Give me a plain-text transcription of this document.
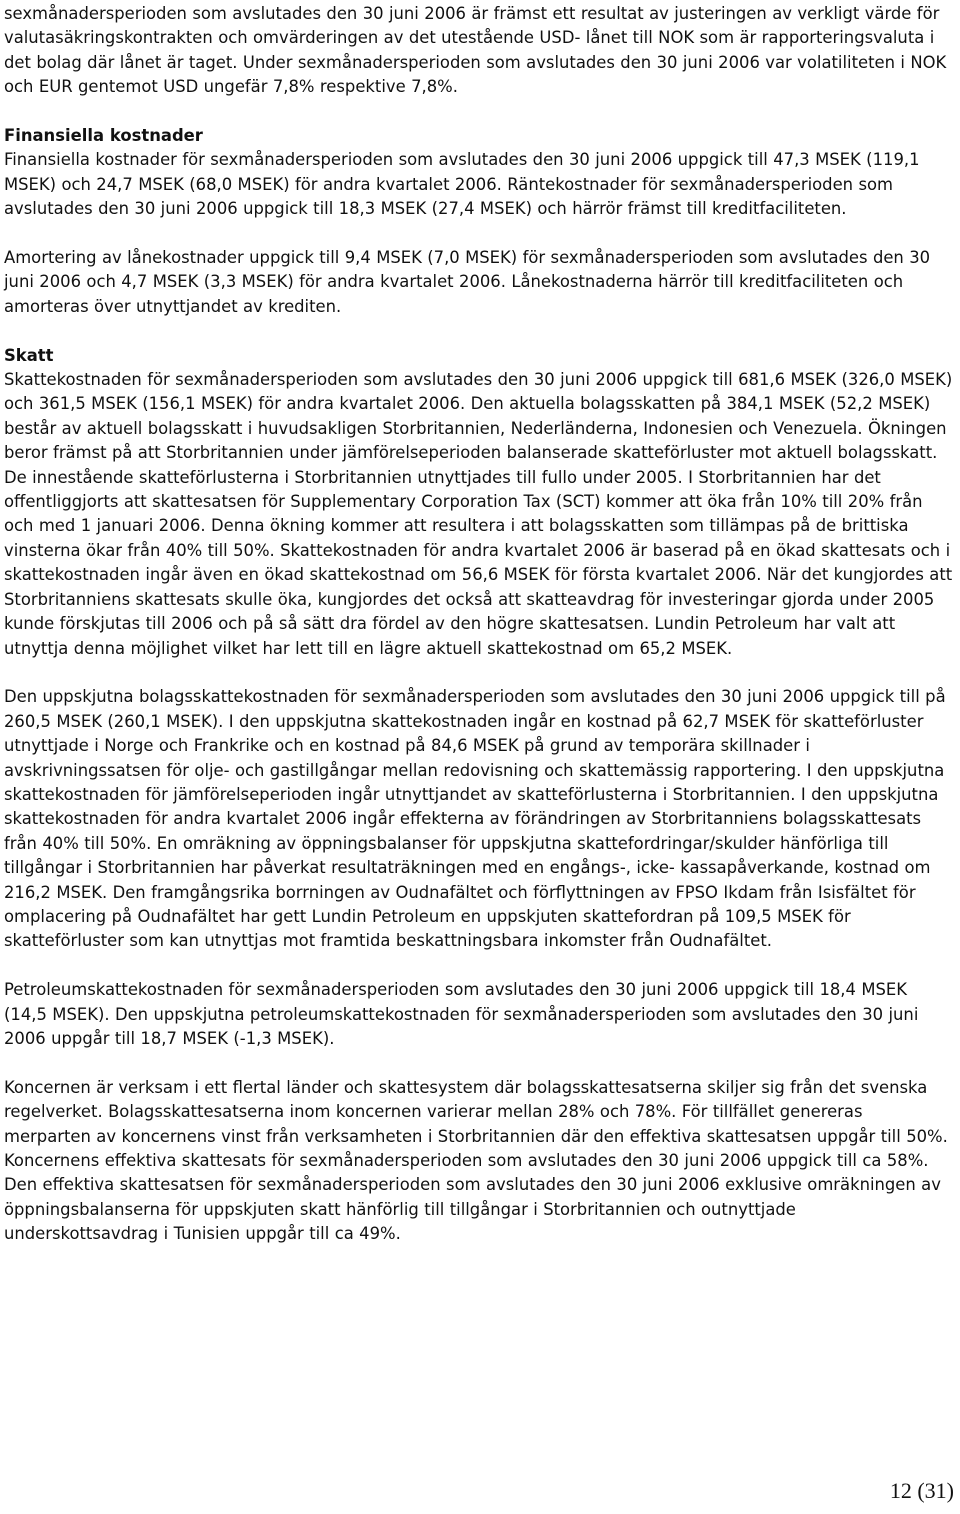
sexmånadersperioden som avslutades den 30 juni 2006 är främst ett resultat av justeringen av verkligt värde för valutasäkringskontrakten och omvärderingen av det utestående USD- lånet till NOK som är rapporteringsvaluta i det bolag där lånet är taget. Under sexmånadersperioden som avslutades den 30 juni 2006 var volatiliteten i NOK och EUR gentemot USD ungefär 7,8% respektive 7,8%.

Finansiella kostnader

Finansiella kostnader för sexmånadersperioden som avslutades den 30 juni 2006 uppgick till 47,3 MSEK (119,1 MSEK) och 24,7 MSEK (68,0 MSEK) för andra kvartalet 2006. Räntekostnader för sexmånadersperioden som avslutades den 30 juni 2006 uppgick till 18,3 MSEK (27,4 MSEK) och härrör främst till kreditfaciliteten.

Amortering av lånekostnader uppgick till 9,4 MSEK (7,0 MSEK) för sexmånadersperioden som avslutades den 30 juni 2006 och 4,7 MSEK (3,3 MSEK) för andra kvartalet 2006. Lånekostnaderna härrör till kreditfaciliteten och amorteras över utnyttjandet av krediten.

Skatt

Skattekostnaden för sexmånadersperioden som avslutades den 30 juni 2006 uppgick till 681,6 MSEK (326,0 MSEK) och 361,5 MSEK (156,1 MSEK) för andra kvartalet 2006. Den aktuella bolagsskatten på 384,1 MSEK (52,2 MSEK) består av aktuell bolagsskatt i huvudsakligen Storbritannien, Nederländerna, Indonesien och Venezuela. Ökningen beror främst på att Storbritannien under jämförelseperioden balanserade skatteförluster mot aktuell bolagsskatt. De innestående skatteförlusterna i Storbritannien utnyttjades till fullo under 2005. I Storbritannien har det offentliggjorts att skattesatsen för Supplementary Corporation Tax (SCT) kommer att öka från 10% till 20% från och med 1 januari 2006. Denna ökning kommer att resultera i att bolagsskatten som tillämpas på de brittiska vinsterna ökar från 40% till 50%. Skattekostnaden för andra kvartalet 2006 är baserad på en ökad skattesats och i skattekostnaden ingår även en ökad skattekostnad om 56,6 MSEK för första kvartalet 2006. När det kungjordes att Storbritanniens skattesats skulle öka, kungjordes det också att skatteavdrag för investeringar gjorda under 2005 kunde förskjutas till 2006 och på så sätt dra fördel av den högre skattesatsen. Lundin Petroleum har valt att utnyttja denna möjlighet vilket har lett till en lägre aktuell skattekostnad om 65,2 MSEK.

Den uppskjutna bolagsskattekostnaden för sexmånadersperioden som avslutades den 30 juni 2006 uppgick till på 260,5 MSEK (260,1 MSEK). I den uppskjutna skattekostnaden ingår en kostnad på 62,7 MSEK för skatteförluster utnyttjade i Norge och Frankrike och en kostnad på 84,6 MSEK på grund av temporära skillnader i avskrivningssatsen för olje- och gastillgångar mellan redovisning och skattemässig rapportering. I den uppskjutna skattekostnaden för jämförelseperioden ingår utnyttjandet av skatteförlusterna i Storbritannien. I den uppskjutna skattekostnaden för andra kvartalet 2006 ingår effekterna av förändringen av Storbritanniens bolagsskattesats från 40% till 50%. En omräkning av öppningsbalanser för uppskjutna skattefordringar/skulder hänförliga till tillgångar i Storbritannien har påverkat resultaträkningen med en engångs-, icke- kassapåverkande, kostnad om 216,2 MSEK. Den framgångsrika borrningen av Oudnafältet och förflyttningen av FPSO Ikdam från Isisfältet för omplacering på Oudnafältet har gett Lundin Petroleum en uppskjuten skattefordran på 109,5 MSEK för skatteförluster som kan utnyttjas mot framtida beskattningsbara inkomster från Oudnafältet.

Petroleumskattekostnaden för sexmånadersperioden som avslutades den 30 juni 2006 uppgick till 18,4 MSEK (14,5 MSEK). Den uppskjutna petroleumskattekostnaden för sexmånadersperioden som avslutades den 30 juni 2006 uppgår till 18,7 MSEK (-1,3 MSEK).

Koncernen är verksam i ett flertal länder och skattesystem där bolagsskattesatserna skiljer sig från det svenska regelverket. Bolagsskattesatserna inom koncernen varierar mellan 28% och 78%. För tillfället genereras merparten av koncernens vinst från verksamheten i Storbritannien där den effektiva skattesatsen uppgår till 50%. Koncernens effektiva skattesats för sexmånadersperioden som avslutades den 30 juni 2006 uppgick till ca 58%. Den effektiva skattesatsen för sexmånadersperioden som avslutades den 30 juni 2006 exklusive omräkningen av öppningsbalanserna för uppskjuten skatt hänförlig till tillgångar i Storbritannien och outnyttjade underskottsavdrag i Tunisien uppgår till ca 49%.

12 (31)
